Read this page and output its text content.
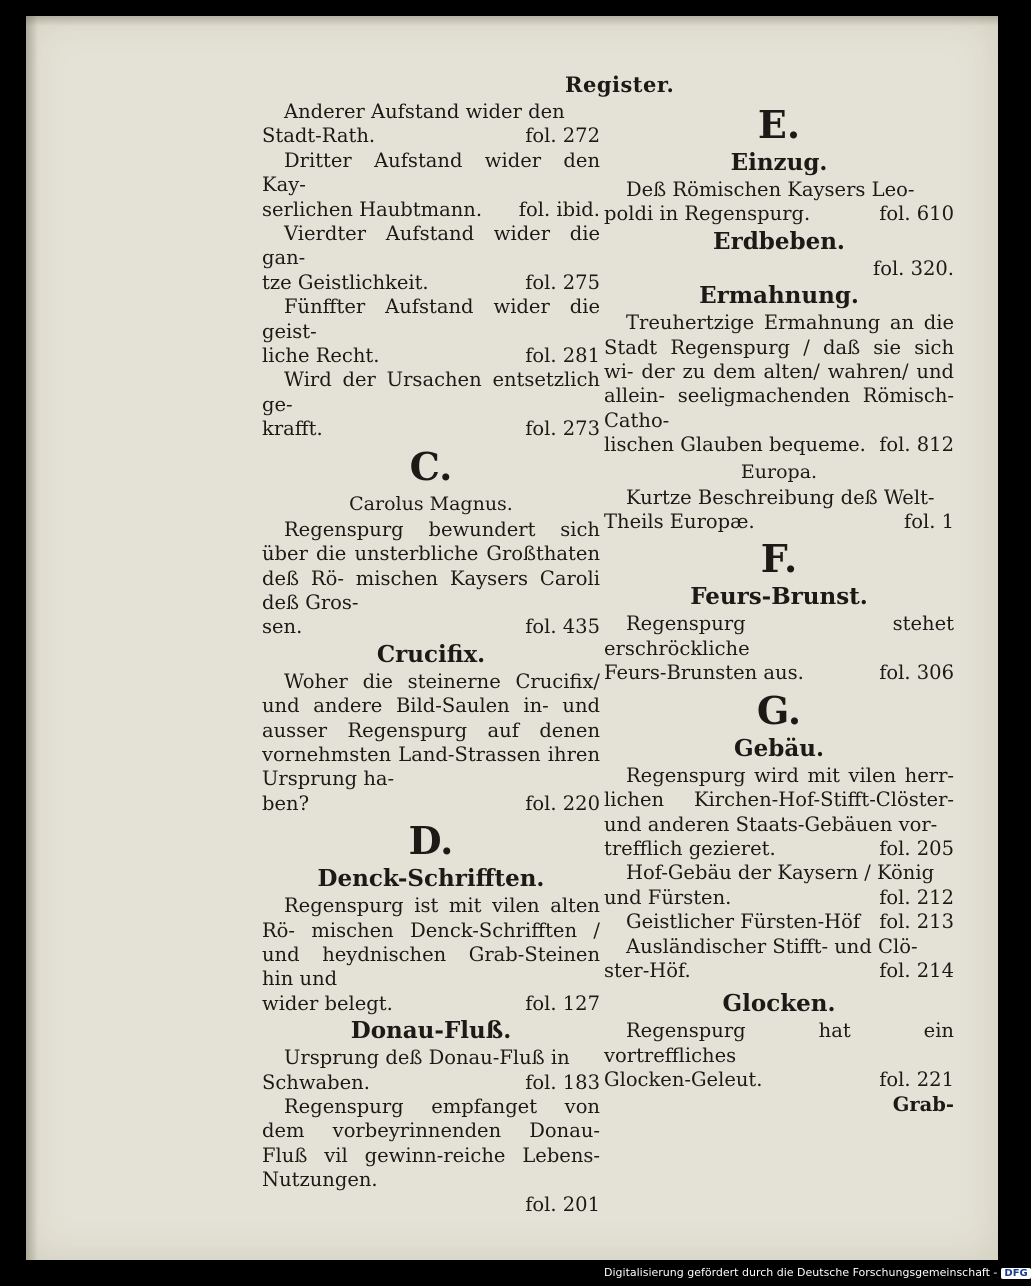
Register.
Anderer Aufstand wider den
Stadt-Rath.	fol. 272
Dritter Aufstand wider den Kay-
serlichen Haubtmann. fol. ibid.
Vierdter Aufstand wider die gan-
tze Geistlichkeit.	fol. 275
Fünffter Aufstand wider die geist-
liche Recht.	fol. 281
Wird der Ursachen entsetzlich ge-
krafft.	fol. 273
C.
Carolus Magnus.
Regenspurg bewundert sich über die unsterbliche Großthaten deß Rö- mischen Kaysers Caroli deß Gros-
sen.	fol. 435
Crucifix.
Woher die steinerne Crucifix/ und andere Bild-Saulen in- und ausser Regenspurg auf denen vornehmsten Land-Strassen ihren Ursprung ha-
ben?	fol. 220
D.
Denck-Schrifften.
Regenspurg ist mit vilen alten Rö- mischen Denck-Schrifften / und heydnischen Grab-Steinen hin und
wider belegt.	fol. 127
Donau-Fluß.
Ursprung deß Donau-Fluß in
Schwaben.	fol. 183
Regenspurg empfanget von dem vorbeyrinnenden Donau-Fluß vil gewinn-reiche Lebens-Nutzungen.
fol. 201
E.
Einzug.
Deß Römischen Kaysers Leo-
poldi in Regenspurg.	fol. 610
Erdbeben.
fol. 320.
Ermahnung.
Treuhertzige Ermahnung an die Stadt Regenspurg / daß sie sich wi- der zu dem alten/ wahren/ und allein- seeligmachenden Römisch-Catho-
lischen Glauben bequeme. fol. 812
Europa.
Kurtze Beschreibung deß Welt-
Theils Europæ.	fol. 1
F.
Feurs-Brunst.
Regenspurg stehet erschröckliche
Feurs-Brunsten aus.	fol. 306
G.
Gebäu.
Regenspurg wird mit vilen herr- lichen Kirchen-Hof-Stifft-Clöster- und anderen Staats-Gebäuen vor-
trefflich gezieret.	fol. 205
Hof-Gebäu der Kaysern / König
und Fürsten.	fol. 212
Geistlicher Fürsten-Höf fol. 213
Ausländischer Stifft- und Clö-
ster-Höf.	fol. 214
Glocken.
Regenspurg hat ein vortreffliches
Glocken-Geleut.	fol. 221
Grab-
Digitalisierung gefördert durch die Deutsche Forschungsgemeinschaft - DFG
